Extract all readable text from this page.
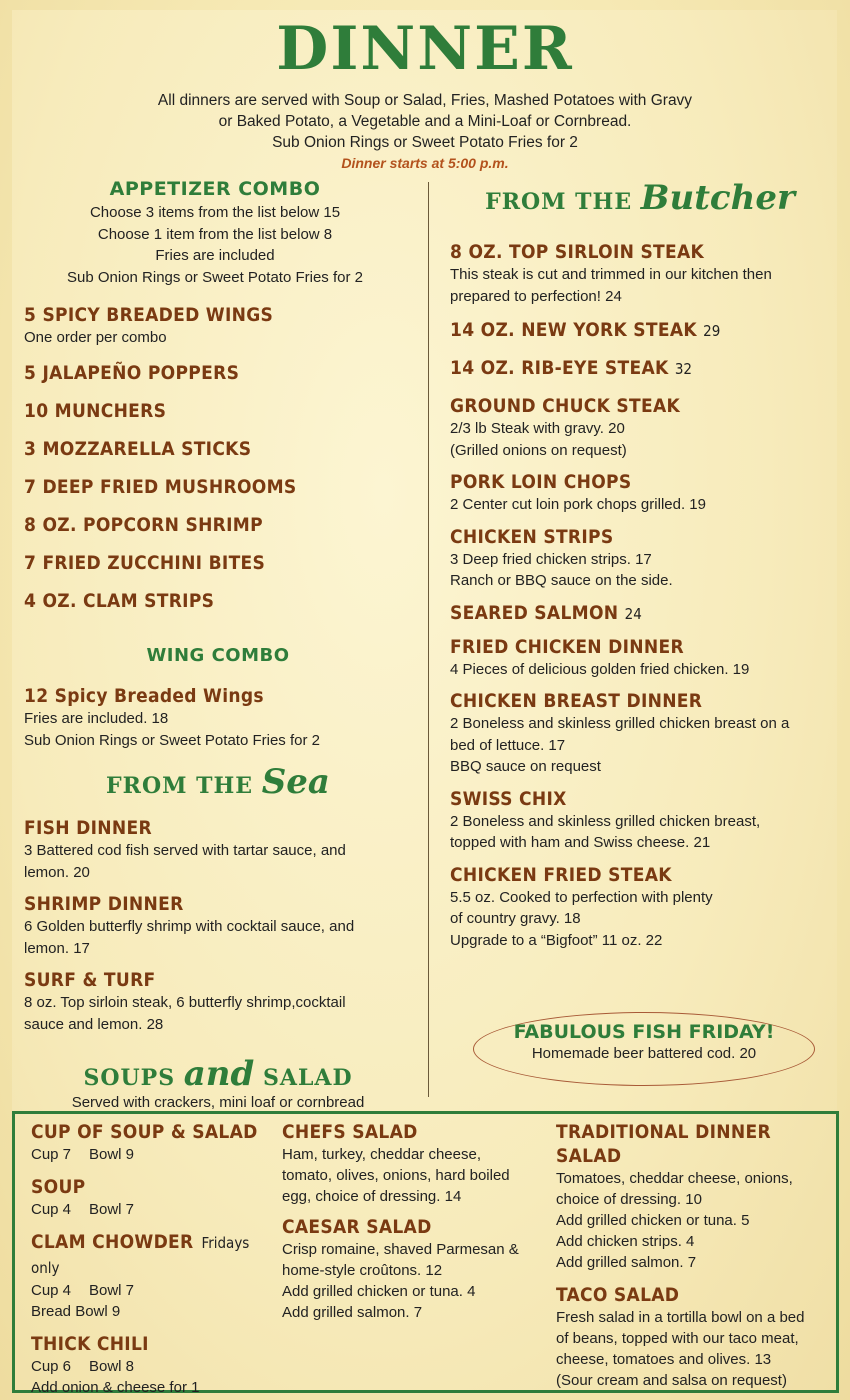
DINNER
All dinners are served with Soup or Salad, Fries, Mashed Potatoes with Gravy
or Baked Potato, a Vegetable and a Mini-Loaf or Cornbread.
Sub Onion Rings or Sweet Potato Fries for 2
Dinner starts at 5:00 p.m.
APPETIZER COMBO
Choose 3 items from the list below 15
Choose 1 item from the list below 8
Fries are included
Sub Onion Rings or Sweet Potato Fries for 2
5 SPICY BREADED WINGS
One order per combo
5 JALAPEÑO POPPERS
10 MUNCHERS
3 MOZZARELLA STICKS
7 DEEP FRIED MUSHROOMS
8 OZ. POPCORN SHRIMP
7 FRIED ZUCCHINI BITES
4 OZ. CLAM STRIPS
WING COMBO
12 Spicy Breaded Wings
Fries are included. 18
Sub Onion Rings or Sweet Potato Fries for 2
FROM THE Sea
FISH DINNER
3 Battered cod fish served with tartar sauce, and
lemon. 20
SHRIMP DINNER
6 Golden butterfly shrimp with cocktail sauce, and
lemon. 17
SURF & TURF
8 oz. Top sirloin steak, 6 butterfly shrimp,cocktail
sauce and lemon. 28
SOUPS and SALAD
Served with crackers, mini loaf or cornbread
FROM THE Butcher
8 OZ. TOP SIRLOIN STEAK
This steak is cut and trimmed in our kitchen then
prepared to perfection! 24
14 OZ. NEW YORK STEAK 29
14 OZ. RIB-EYE STEAK 32
GROUND CHUCK STEAK
2/3 lb Steak with gravy. 20
(Grilled onions on request)
PORK LOIN CHOPS
2 Center cut loin pork chops grilled. 19
CHICKEN STRIPS
3 Deep fried chicken strips. 17
Ranch or BBQ sauce on the side.
SEARED SALMON 24
FRIED CHICKEN DINNER
4 Pieces of delicious golden fried chicken. 19
CHICKEN BREAST DINNER
2 Boneless and skinless grilled chicken breast on a
bed of lettuce. 17
BBQ sauce on request
SWISS CHIX
2 Boneless and skinless grilled chicken breast,
topped with ham and Swiss cheese. 21
CHICKEN FRIED STEAK
5.5 oz. Cooked to perfection with plenty
of country gravy. 18
Upgrade to a “Bigfoot” 11 oz. 22
FABULOUS FISH FRIDAY!
Homemade beer battered cod. 20
CUP OF SOUP & SALAD
Cup 7 Bowl 9
SOUP
Cup 4 Bowl 7
CLAM CHOWDER Fridays only
Cup 4 Bowl 7
Bread Bowl 9
THICK CHILI
Cup 6 Bowl 8
Add onion & cheese for 1
CHEFS SALAD
Ham, turkey, cheddar cheese,
tomato, olives, onions, hard boiled
egg, choice of dressing. 14
CAESAR SALAD
Crisp romaine, shaved Parmesan &
home-style croûtons. 12
Add grilled chicken or tuna. 4
Add grilled salmon. 7
TRADITIONAL DINNER SALAD
Tomatoes, cheddar cheese, onions,
choice of dressing. 10
Add grilled chicken or tuna. 5
Add chicken strips. 4
Add grilled salmon. 7
TACO SALAD
Fresh salad in a tortilla bowl on a bed
of beans, topped with our taco meat,
cheese, tomatoes and olives. 13
(Sour cream and salsa on request)
